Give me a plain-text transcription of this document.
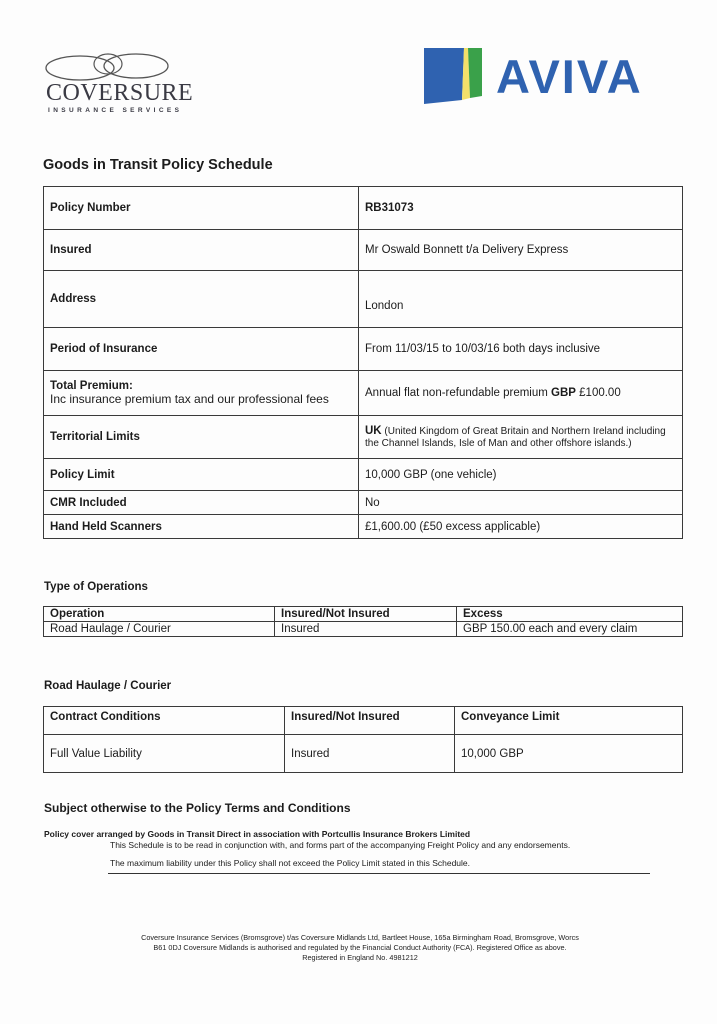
COVERSURE
INSURANCE SERVICES
AVIVA
Goods in Transit Policy Schedule
Policy Number	RB31073
Insured	Mr Oswald Bonnett t/a Delivery Express
Address	London
Period of Insurance	From 11/03/15 to 10/03/16 both days inclusive

Total Premium:
Inc insurance premium tax and our professional fees	Annual flat non-refundable premium GBP £100.00
Territorial Limits	UK (United Kingdom of Great Britain and Northern Ireland including the Channel Islands, Isle of Man and other offshore islands.)
Policy Limit	10,000 GBP (one vehicle)
CMR Included	No
Hand Held Scanners	£1,600.00 (£50 excess applicable)
Type of Operations
Operation	Insured/Not Insured	Excess
Road Haulage / Courier	Insured	GBP 150.00 each and every claim
Road Haulage / Courier
Contract Conditions	Insured/Not Insured	Conveyance Limit
Full Value Liability	Insured	10,000 GBP
Subject otherwise to the Policy Terms and Conditions
Policy cover arranged by Goods in Transit Direct in association with Portcullis Insurance Brokers Limited
This Schedule is to be read in conjunction with, and forms part of the accompanying Freight Policy and any endorsements.
The maximum liability under this Policy shall not exceed the Policy Limit stated in this Schedule.
Coversure Insurance Services (Bromsgrove) t/as Coversure Midlands Ltd, Bartleet House, 165a Birmingham Road, Bromsgrove, Worcs
B61 0DJ Coversure Midlands is authorised and regulated by the Financial Conduct Authority (FCA). Registered Office as above.
Registered in England No. 4981212
